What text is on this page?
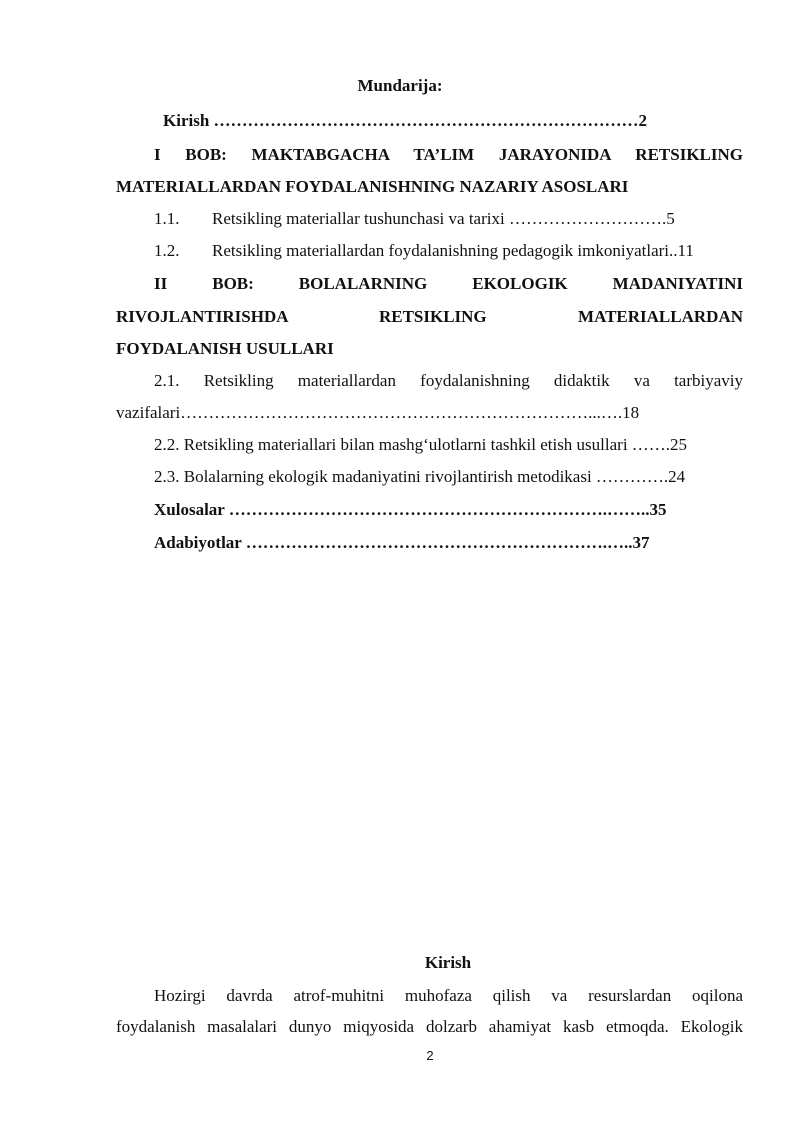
Mundarija:
Kirish …………………………………………………………………2
I BOB: MAKTABGACHA TA’LIM JARAYONIDA RETSIKLING
MATERIALLARDAN FOYDALANISHNING NAZARIY ASOSLARI
1.1. Retsikling materiallar tushunchasi va tarixi ……………………….5
1.2. Retsikling materiallardan foydalanishning pedagogik imkoniyatlari..11
II BOB: BOLALARNING EKOLOGIK MADANIYATINI
RIVOJLANTIRISHDA RETSIKLING MATERIALLARDAN
FOYDALANISH USULLARI
2.1. Retsikling materiallardan foydalanishning didaktik va tarbiyaviy
vazifalari………………………………………………………………...….18
2.2. Retsikling materiallari bilan mashg‘ulotlarni tashkil etish usullari …….25
2.3. Bolalarning ekologik madaniyatini rivojlantirish metodikasi ………….24
Xulosalar ………………………………………………………….……..35
Adabiyotlar ……………………………………………………….…..37
Kirish
Hozirgi davrda atrof-muhitni muhofaza qilish va resurslardan oqilona
foydalanish masalalari dunyo miqyosida dolzarb ahamiyat kasb etmoqda. Ekologik
2
